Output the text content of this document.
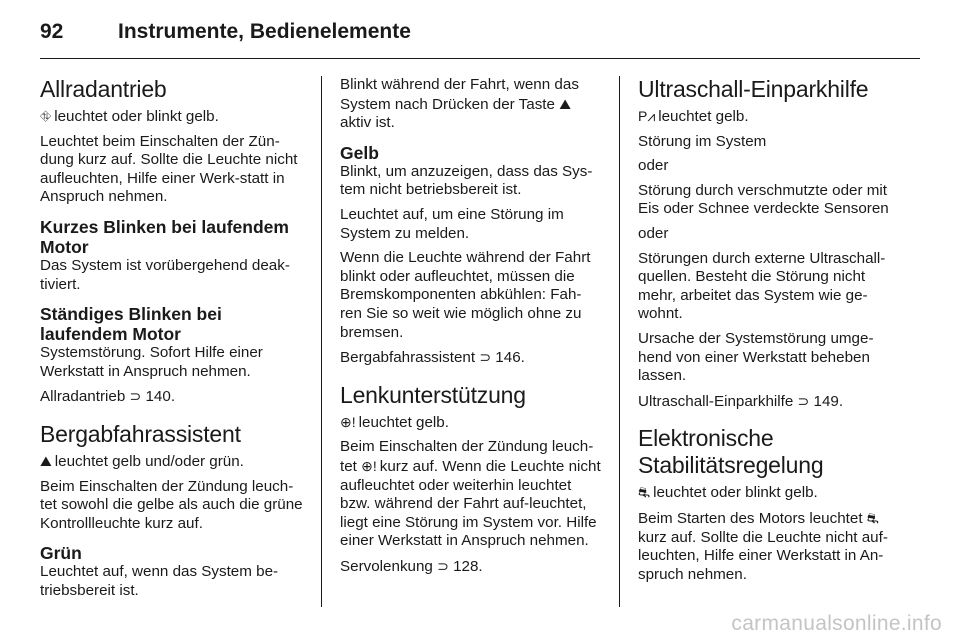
92	Instrumente, Bedienelemente
Allradantrieb

⛗ leuchtet oder blinkt gelb.

Leuchtet beim Einschalten der Zün-dung kurz auf. Sollte die Leuchte nicht aufleuchten, Hilfe einer Werk-statt in Anspruch nehmen.

Kurzes Blinken bei laufendem Motor

Das System ist vorübergehend deak-tiviert.

Ständiges Blinken bei laufendem Motor

Systemstörung. Sofort Hilfe einer Werkstatt in Anspruch nehmen.

Allradantrieb ⊃ 140.

Bergabfahrassistent

⛰ leuchtet gelb und/oder grün.

Beim Einschalten der Zündung leuch-tet sowohl die gelbe als auch die grüne Kontrollleuchte kurz auf.

Grün

Leuchtet auf, wenn das System be-triebsbereit ist.

Blinkt während der Fahrt, wenn das System nach Drücken der Taste ⛰ aktiv ist.

Gelb

Blinkt, um anzuzeigen, dass das Sys-tem nicht betriebsbereit ist.

Leuchtet auf, um eine Störung im System zu melden.

Wenn die Leuchte während der Fahrt blinkt oder aufleuchtet, müssen die Bremskomponenten abkühlen: Fah-ren Sie so weit wie möglich ohne zu bremsen.

Bergabfahrassistent ⊃ 146.

Lenkunterstützung

⊕! leuchtet gelb.

Beim Einschalten der Zündung leuch-tet ⊕! kurz auf. Wenn die Leuchte nicht aufleuchtet oder weiterhin leuchtet bzw. während der Fahrt auf-leuchtet, liegt eine Störung im System vor. Hilfe einer Werkstatt in Anspruch nehmen.

Servolenkung ⊃ 128.

Ultraschall-Einparkhilfe

P⩘ leuchtet gelb.

Störung im System

oder

Störung durch verschmutzte oder mit Eis oder Schnee verdeckte Sensoren

oder

Störungen durch externe Ultraschall-quellen. Besteht die Störung nicht mehr, arbeitet das System wie ge-wohnt.

Ursache der Systemstörung umge-hend von einer Werkstatt beheben lassen.

Ultraschall-Einparkhilfe ⊃ 149.

Elektronische Stabilitätsregelung

⛐ leuchtet oder blinkt gelb.

Beim Starten des Motors leuchtet ⛐ kurz auf. Sollte die Leuchte nicht auf-leuchten, Hilfe einer Werkstatt in An-spruch nehmen.

carmanualsonline.info
